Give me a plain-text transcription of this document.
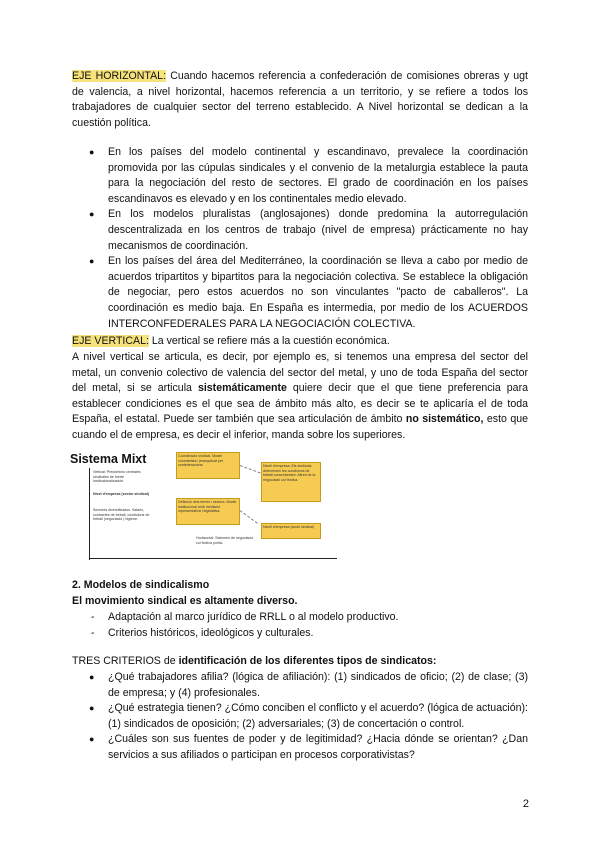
EJE HORIZONTAL: Cuando hacemos referencia a confederación de comisiones obreras y ugt de valencia, a nivel horizontal, hacemos referencia a un territorio, y se refiere a todos los trabajadores de cualquier sector del terreno establecido. A Nivel horizontal se dedican a la cuestión política.

● En los países del modelo continental y escandinavo, prevalece la coordinación promovida por las cúpulas sindicales y el convenio de la metalurgia establece la pauta para la negociación del resto de sectores. El grado de coordinación en los países escandinavos es elevado y en los continentales medio elevado.
● En los modelos pluralistas (anglosajones) donde predomina la autorregulación descentralizada en los centros de trabajo (nivel de empresa) prácticamente no hay mecanismos de coordinación.
● En los países del área del Mediterráneo, la coordinación se lleva a cabo por medio de acuerdos tripartitos y bipartitos para la negociación colectiva. Se establece la obligación de negociar, pero estos acuerdos no son vinculantes "pacto de caballeros". La coordinación es medio baja. En España es intermedia, por medio de los ACUERDOS INTERCONFEDERALES PARA LA NEGOCIACIÓN COLECTIVA.

EJE VERTICAL: La vertical se refiere más a la cuestión económica.

A nivel vertical se articula, es decir, por ejemplo es, si tenemos una empresa del sector del metal, un convenio colectivo de valencia del sector del metal, y uno de toda España del sector del metal, si se articula sistemáticamente quiere decir que el que tiene preferencia para establecer condiciones es el que sea de ámbito más alto, es decir se te aplicaría el de toda España, el estatal. Puede ser también que sea articulación de ámbito no sistemático, esto que cuando el de empresa, es decir el inferior, manda sobre los superiores.

Sistema Mixt
Vertical: Predominio centrales sindicales de fuerte Institucionalización.
Nivel d'empresa (sector sindical)
Sectores diversificados. Salario, contractes de treball, condicions de treball (negociació ) higiene.
Coordinació sindical. Model voluntarista i jerarquitzat per confederacions.	Nivell d'empresa: Els sindicats determinen les condicions de treball concretament. Altres de la negociació col·lectiva.
Definició dels temes i sectors. Model institucional amb mediació representativa i legislativa.
Nivell d'empresa (acció sindical)
Horitzontal: Sistemes de negociació col·lectiva polític.
2. Modelos de sindicalismo
El movimiento sindical es altamente diverso.
- Adaptación al marco jurídico de RRLL o al modelo productivo.
- Criterios históricos, ideológicos y culturales.

TRES CRITERIOS de identificación de los diferentes tipos de sindicatos:

● ¿Qué trabajadores afilia? (lógica de afiliación): (1) sindicados de oficio; (2) de clase; (3) de empresa; y (4) profesionales.
● ¿Qué estrategia tienen? ¿Cómo conciben el conflicto y el acuerdo? (lógica de actuación): (1) sindicados de oposición; (2) adversariales; (3) de concertación o control.
● ¿Cuáles son sus fuentes de poder y de legitimidad? ¿Hacia dónde se orientan? ¿Dan servicios a sus afiliados o participan en procesos corporativistas?
2
